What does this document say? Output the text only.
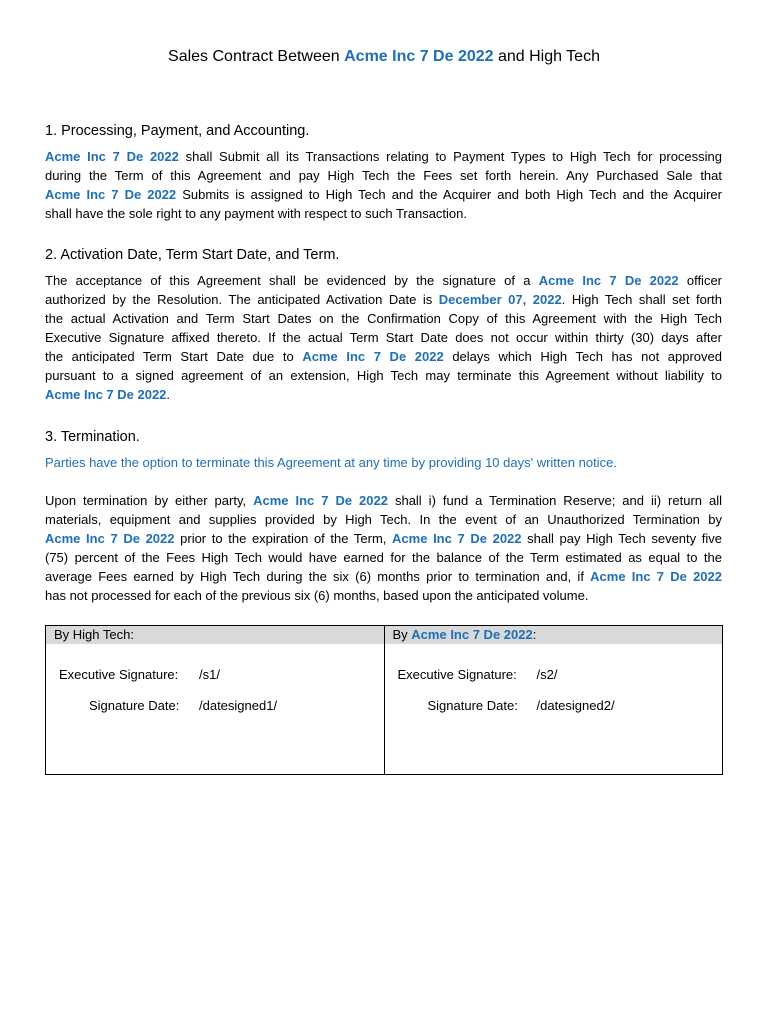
Sales Contract Between Acme Inc 7 De 2022 and High Tech
1. Processing, Payment, and Accounting.
Acme Inc 7 De 2022 shall Submit all its Transactions relating to Payment Types to High Tech for processing
during the Term of this Agreement and pay High Tech the Fees set forth herein. Any Purchased Sale that
Acme Inc 7 De 2022 Submits is assigned to High Tech and the Acquirer and both High Tech and the Acquirer
shall have the sole right to any payment with respect to such Transaction.
2. Activation Date, Term Start Date, and Term.
The acceptance of this Agreement shall be evidenced by the signature of a Acme Inc 7 De 2022 officer
authorized by the Resolution. The anticipated Activation Date is December 07, 2022. High Tech shall set forth
the actual Activation and Term Start Dates on the Confirmation Copy of this Agreement with the High Tech
Executive Signature affixed thereto. If the actual Term Start Date does not occur within thirty (30) days after
the anticipated Term Start Date due to Acme Inc 7 De 2022 delays which High Tech has not approved
pursuant to a signed agreement of an extension, High Tech may terminate this Agreement without liability to
Acme Inc 7 De 2022.
3. Termination.
Parties have the option to terminate this Agreement at any time by providing 10 days' written notice.
Upon termination by either party, Acme Inc 7 De 2022 shall i) fund a Termination Reserve; and ii) return all
materials, equipment and supplies provided by High Tech. In the event of an Unauthorized Termination by
Acme Inc 7 De 2022 prior to the expiration of the Term, Acme Inc 7 De 2022 shall pay High Tech seventy five
(75) percent of the Fees High Tech would have earned for the balance of the Term estimated as equal to the
average Fees earned by High Tech during the six (6) months prior to termination and, if Acme Inc 7 De 2022
has not processed for each of the previous six (6) months, based upon the anticipated volume.
By High Tech:
Executive Signature: /s1/
Signature Date: /datesigned1/

By Acme Inc 7 De 2022:
Executive Signature: /s2/
Signature Date: /datesigned2/
